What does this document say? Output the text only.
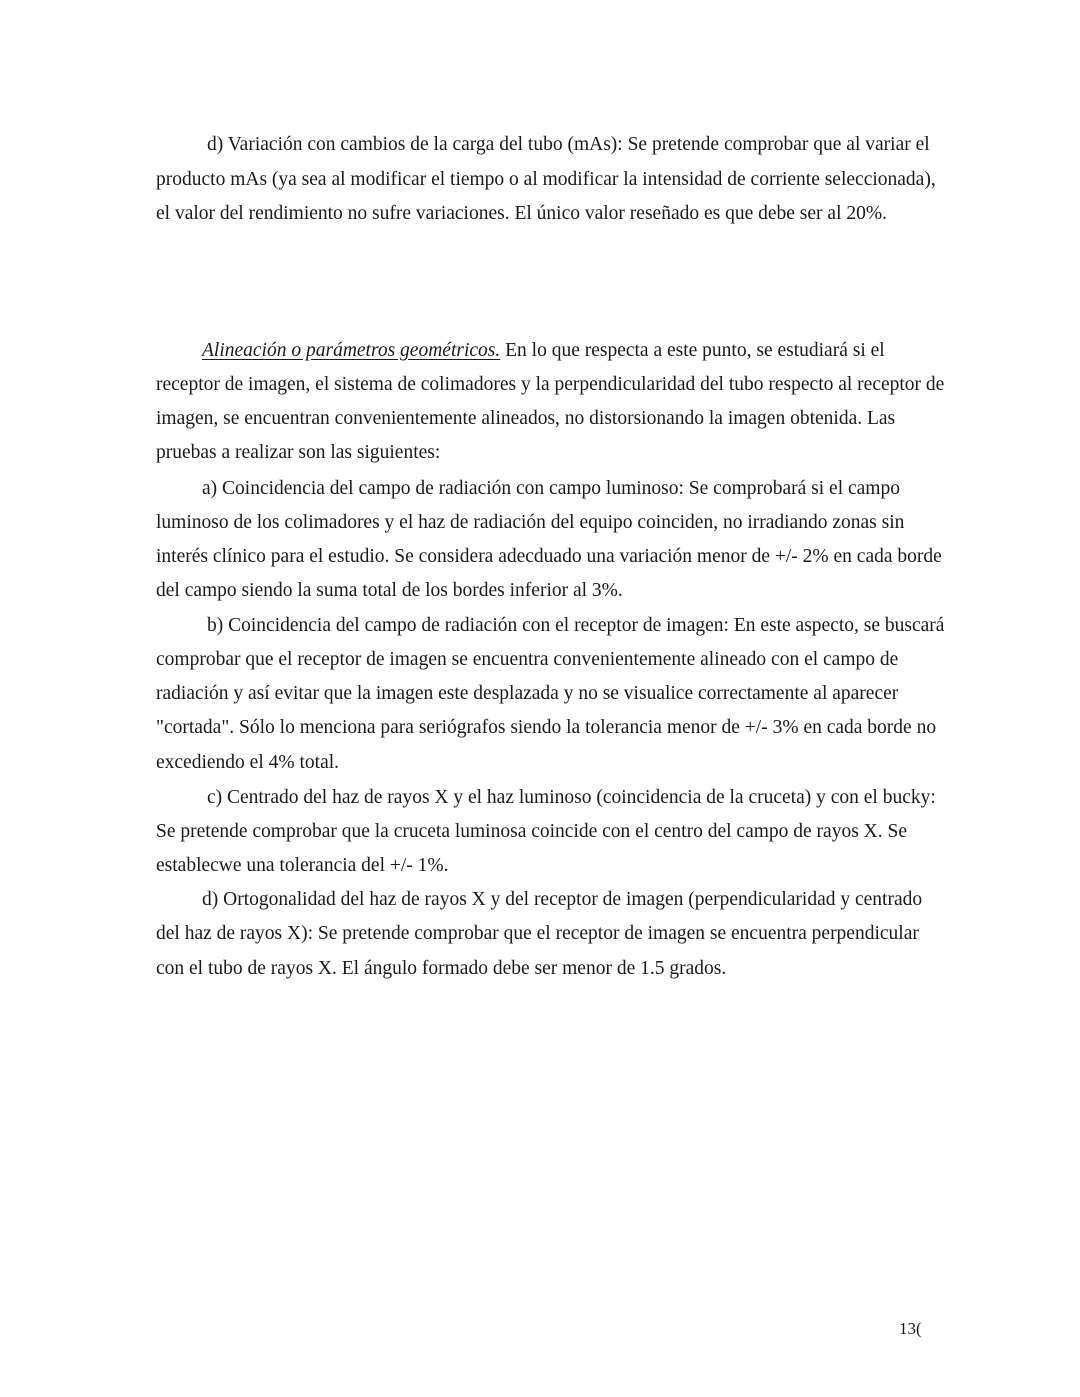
d) Variación con cambios de la carga del tubo (mAs): Se pretende comprobar que al variar el
producto mAs (ya sea al modificar el tiempo o al modificar la intensidad de corriente seleccionada),
el valor del rendimiento no sufre variaciones. El único valor reseñado es que debe ser al 20%.
Alineación o parámetros geométricos. En lo que respecta a este punto, se estudiará si el
receptor de imagen, el sistema de colimadores y la perpendicularidad del tubo respecto al receptor de
imagen, se encuentran convenientemente alineados, no distorsionando la imagen obtenida. Las
pruebas a realizar son las siguientes:
a) Coincidencia del campo de radiación con campo luminoso: Se comprobará si el campo
luminoso de los colimadores y el haz de radiación del equipo coinciden, no irradiando zonas sin
interés clínico para el estudio. Se considera adecduado una variación menor de +/- 2% en cada borde
del campo siendo la suma total de los bordes inferior al 3%.
b) Coincidencia del campo de radiación con el receptor de imagen: En este aspecto, se buscará
comprobar que el receptor de imagen se encuentra convenientemente alineado con el campo de
radiación y así evitar que la imagen este desplazada y no se visualice correctamente al aparecer
"cortada". Sólo lo menciona para seriógrafos siendo la tolerancia menor de +/- 3% en cada borde no
excediendo el 4% total.
c) Centrado del haz de rayos X y el haz luminoso (coincidencia de la cruceta) y con el bucky:
Se pretende comprobar que la cruceta luminosa coincide con el centro del campo de rayos X. Se
establecwe una tolerancia del +/- 1%.
d) Ortogonalidad del haz de rayos X y del receptor de imagen (perpendicularidad y centrado
del haz de rayos X): Se pretende comprobar que el receptor de imagen se encuentra perpendicular
con el tubo de rayos X. El ángulo formado debe ser menor de 1.5 grados.
13(
